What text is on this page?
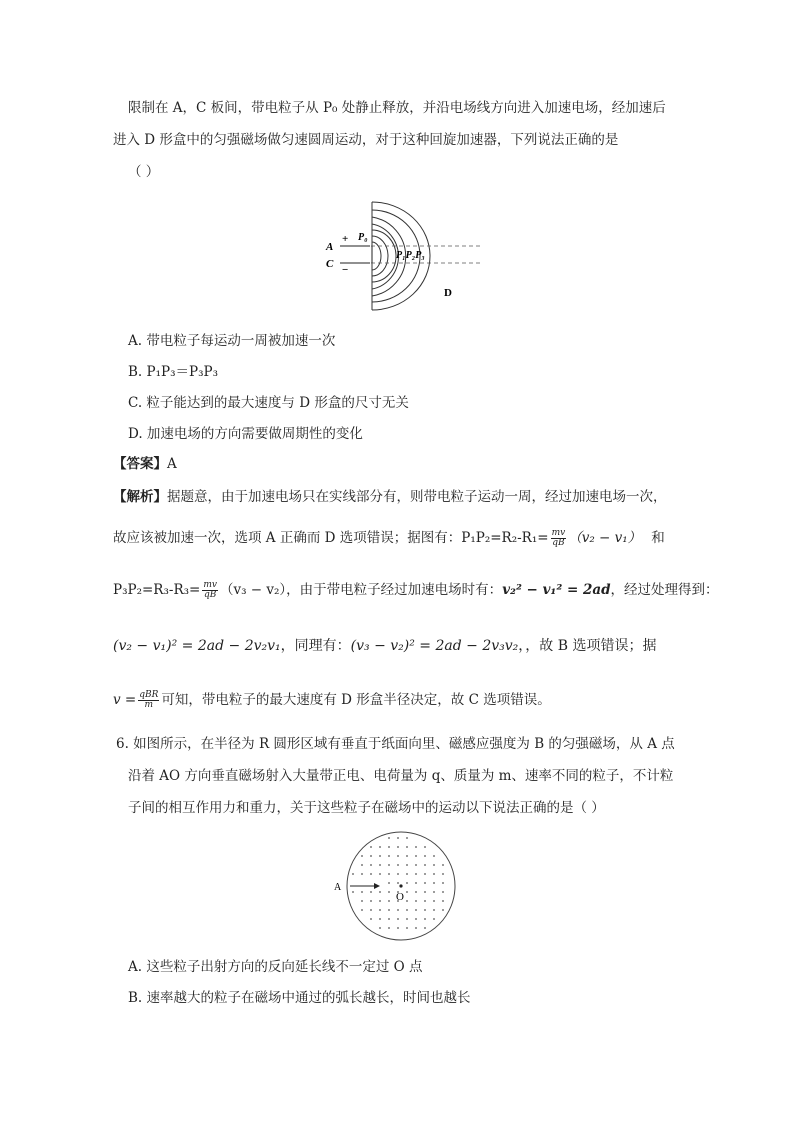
限制在 A，C 板间，带电粒子从 P₀ 处静止释放，并沿电场线方向进入加速电场，经加速后
进入 D 形盒中的匀强磁场做匀速圆周运动，对于这种回旋加速器，下列说法正确的是
（ ）
A
C
+
−
P₀
P₁P₂P₃
D
A. 带电粒子每运动一周被加速一次
B. P₁P₃＝P₃P₃
C. 粒子能达到的最大速度与 D 形盒的尺寸无关
D. 加速电场的方向需要做周期性的变化
【答案】A
【解析】据题意，由于加速电场只在实线部分有，则带电粒子运动一周，经过加速电场一次，
故应该被加速一次，选项 A 正确而 D 选项错误；据图有：$P_1P_2=R_2-R_1= \frac{mv}{qB} (v_2 - v_1)$ 和
$P_3P_2=R_3-R_3= \frac{mv}{qB} (v_3 - v_2)$，由于带电粒子经过加速电场时有：v₂² − v₁² = 2ad，经过处理得到：
(v₂ − v₁)² = 2ad − 2v₂v₁，同理有：(v₃ − v₂)² = 2ad − 2v₃v₂，，故 B 选项错误；据
$v = \frac{\text{qBR}}{m}$ 可知，带电粒子的最大速度有 D 形盒半径决定，故 C 选项错误。
6. 如图所示，在半径为 R 圆形区域有垂直于纸面向里、磁感应强度为 B 的匀强磁场，从 A 点
沿着 AO 方向垂直磁场射入大量带正电、电荷量为 q、质量为 m、速率不同的粒子，不计粒
子间的相互作用力和重力，关于这些粒子在磁场中的运动以下说法正确的是（ ）
A
O
A. 这些粒子出射方向的反向延长线不一定过 O 点
B. 速率越大的粒子在磁场中通过的弧长越长，时间也越长
